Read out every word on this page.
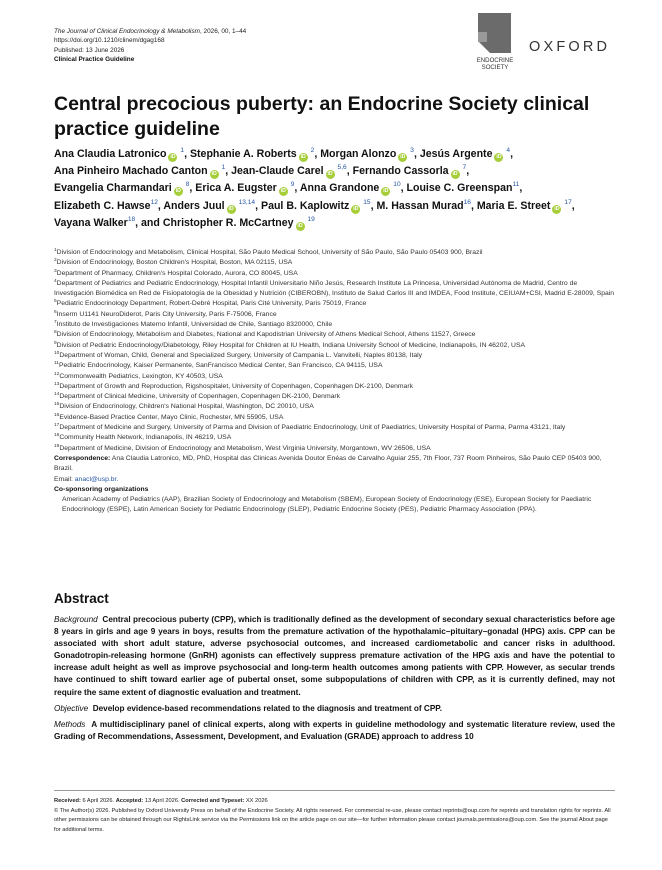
The Journal of Clinical Endocrinology & Metabolism, 2026, 00, 1–44
https://doi.org/10.1210/clinem/dgag168
Published: 13 June 2026
Clinical Practice Guideline
OXFORD
ENDOCRINE
SOCIETY
Central precocious puberty: an Endocrine Society clinical practice guideline
Ana Claudia Latronico iD $^1$, Stephanie A. Roberts iD $^2$, Morgan Alonzo iD $^3$, Jesús Argente iD $^4$,
Ana Pinheiro Machado Canton iD $^1$, Jean-Claude Carel iD $^{5,6}$, Fernando Cassorla iD $^7$,
Evangelia Charmandari iD $^8$, Erica A. Eugster iD $^9$, Anna Grandone iD $^{10}$, Louise C. Greenspan$^{11}$,
Elizabeth C. Hawse$^{12}$, Anders Juul iD $^{13,14}$, Paul B. Kaplowitz iD $^{15}$, M. Hassan Murad$^{16}$, Maria E. Street iD $^{17}$,
Vayana Walker$^{18}$, and Christopher R. McCartney iD $^{19}$
$^1$Division of Endocrinology and Metabolism, Clinical Hospital, São Paulo Medical School, University of São Paulo, São Paulo 05403 900, Brazil
$^2$Division of Endocrinology, Boston Children's Hospital, Boston, MA 02115, USA
$^3$Department of Pharmacy, Children's Hospital Colorado, Aurora, CO 80045, USA
$^4$Department of Pediatrics and Pediatric Endocrinology, Hospital Infantil Universitario Niño Jesús, Research Institute La Princesa, Universidad Autónoma de Madrid, Centro de Investigación Biomédica en Red de Fisiopatología de la Obesidad y Nutrición (CIBEROBN), Instituto de Salud Carlos III and IMDEA, Food Institute, CEIUAM+CSI, Madrid E-28009, Spain
$^5$Pediatric Endocrinology Department, Robert-Debré Hospital, Paris Cité University, Paris 75019, France
$^6$Inserm U1141 NeuroDiderot, Paris City University, Paris F-75006, France
$^7$Instituto de Investigaciones Materno Infantil, Universidad de Chile, Santiago 8320000, Chile
$^8$Division of Endocrinology, Metabolism and Diabetes, National and Kapodistrian University of Athens Medical School, Athens 11527, Greece
$^9$Division of Pediatric Endocrinology/Diabetology, Riley Hospital for Children at IU Health, Indiana University School of Medicine, Indianapolis, IN 46202, USA
$^{10}$Department of Woman, Child, General and Specialized Surgery, University of Campania L. Vanvitelli, Naples 80138, Italy
$^{11}$Pediatric Endocrinology, Kaiser Permanente, SanFrancisco Medical Center, San Francisco, CA 94115, USA
$^{12}$Commonwealth Pediatrics, Lexington, KY 40503, USA
$^{13}$Department of Growth and Reproduction, Rigshospitalet, University of Copenhagen, Copenhagen DK-2100, Denmark
$^{14}$Department of Clinical Medicine, University of Copenhagen, Copenhagen DK-2100, Denmark
$^{15}$Division of Endocrinology, Children's National Hospital, Washington, DC 20010, USA
$^{16}$Evidence-Based Practice Center, Mayo Clinic, Rochester, MN 55905, USA
$^{17}$Department of Medicine and Surgery, University of Parma and Division of Paediatric Endocrinology, Unit of Paediatrics, University Hospital of Parma, Parma 43121, Italy
$^{18}$Community Health Network, Indianapolis, IN 46219, USA
$^{19}$Department of Medicine, Division of Endocrinology and Metabolism, West Virginia University, Morgantown, WV 26506, USA
Correspondence: Ana Claudia Latronico, MD, PhD, Hospital das Clinicas Avenida Doutor Enéas de Carvalho Aguiar 255, 7th Floor, 737 Room Pinheiros, São Paulo CEP 05403 900, Brazil.
Email: anacl@usp.br.
Co-sponsoring organizations
American Academy of Pediatrics (AAP), Brazilian Society of Endocrinology and Metabolism (SBEM), European Society of Endocrinology (ESE), European Society for Paediatric Endocrinology (ESPE), Latin American Society for Pediatric Endocrinology (SLEP), Pediatric Endocrine Society (PES), Pediatric Pharmacy Association (PPA).
Abstract

Background Central precocious puberty (CPP), which is traditionally defined as the development of secondary sexual characteristics before age 8 years in girls and age 9 years in boys, results from the premature activation of the hypothalamic–pituitary–gonadal (HPG) axis. CPP can be associated with short adult stature, adverse psychosocial outcomes, and increased cardiometabolic and cancer risks in adulthood. Gonadotropin-releasing hormone (GnRH) agonists can effectively suppress premature activation of the HPG axis and have the potential to increase adult height as well as improve psychosocial and long-term health outcomes among patients with CPP. However, as secular trends have continued to shift toward earlier age of pubertal onset, some subpopulations of children with CPP, as it is currently defined, may not require the same extent of diagnostic evaluation and treatment.

Objective Develop evidence-based recommendations related to the diagnosis and treatment of CPP.

Methods A multidisciplinary panel of clinical experts, along with experts in guideline methodology and systematic literature review, used the Grading of Recommendations, Assessment, Development, and Evaluation (GRADE) approach to address 10

Received: 6 April 2026. Accepted: 13 April 2026. Corrected and Typeset: XX 2026
© The Author(s) 2026. Published by Oxford University Press on behalf of the Endocrine Society. All rights reserved. For commercial re-use, please contact reprints@oup.com for reprints and translation rights for reprints. All other permissions can be obtained through our RightsLink service via the Permissions link on the article page on our site—for further information please contact journals.permissions@oup.com. See the journal About page for additional terms.
